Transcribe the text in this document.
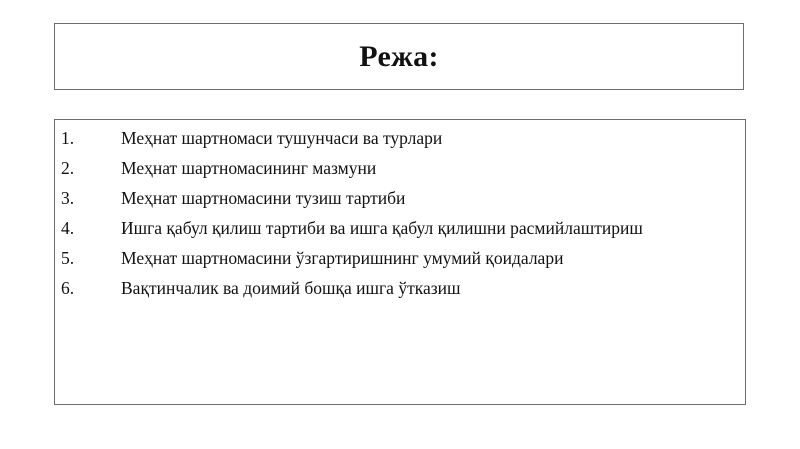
Режа:
1.	Меҳнат шартномаси тушунчаси ва турлари
2.	Меҳнат шартномасининг мазмуни
3.	Меҳнат шартномасини тузиш тартиби
4.	Ишга қабул қилиш тартиби ва ишга қабул қилишни расмийлаштириш
5.	Меҳнат шартномасини ўзгартиришнинг умумий қоидалари
6.	Вақтинчалик ва доимий бошқа ишга ўтказиш
